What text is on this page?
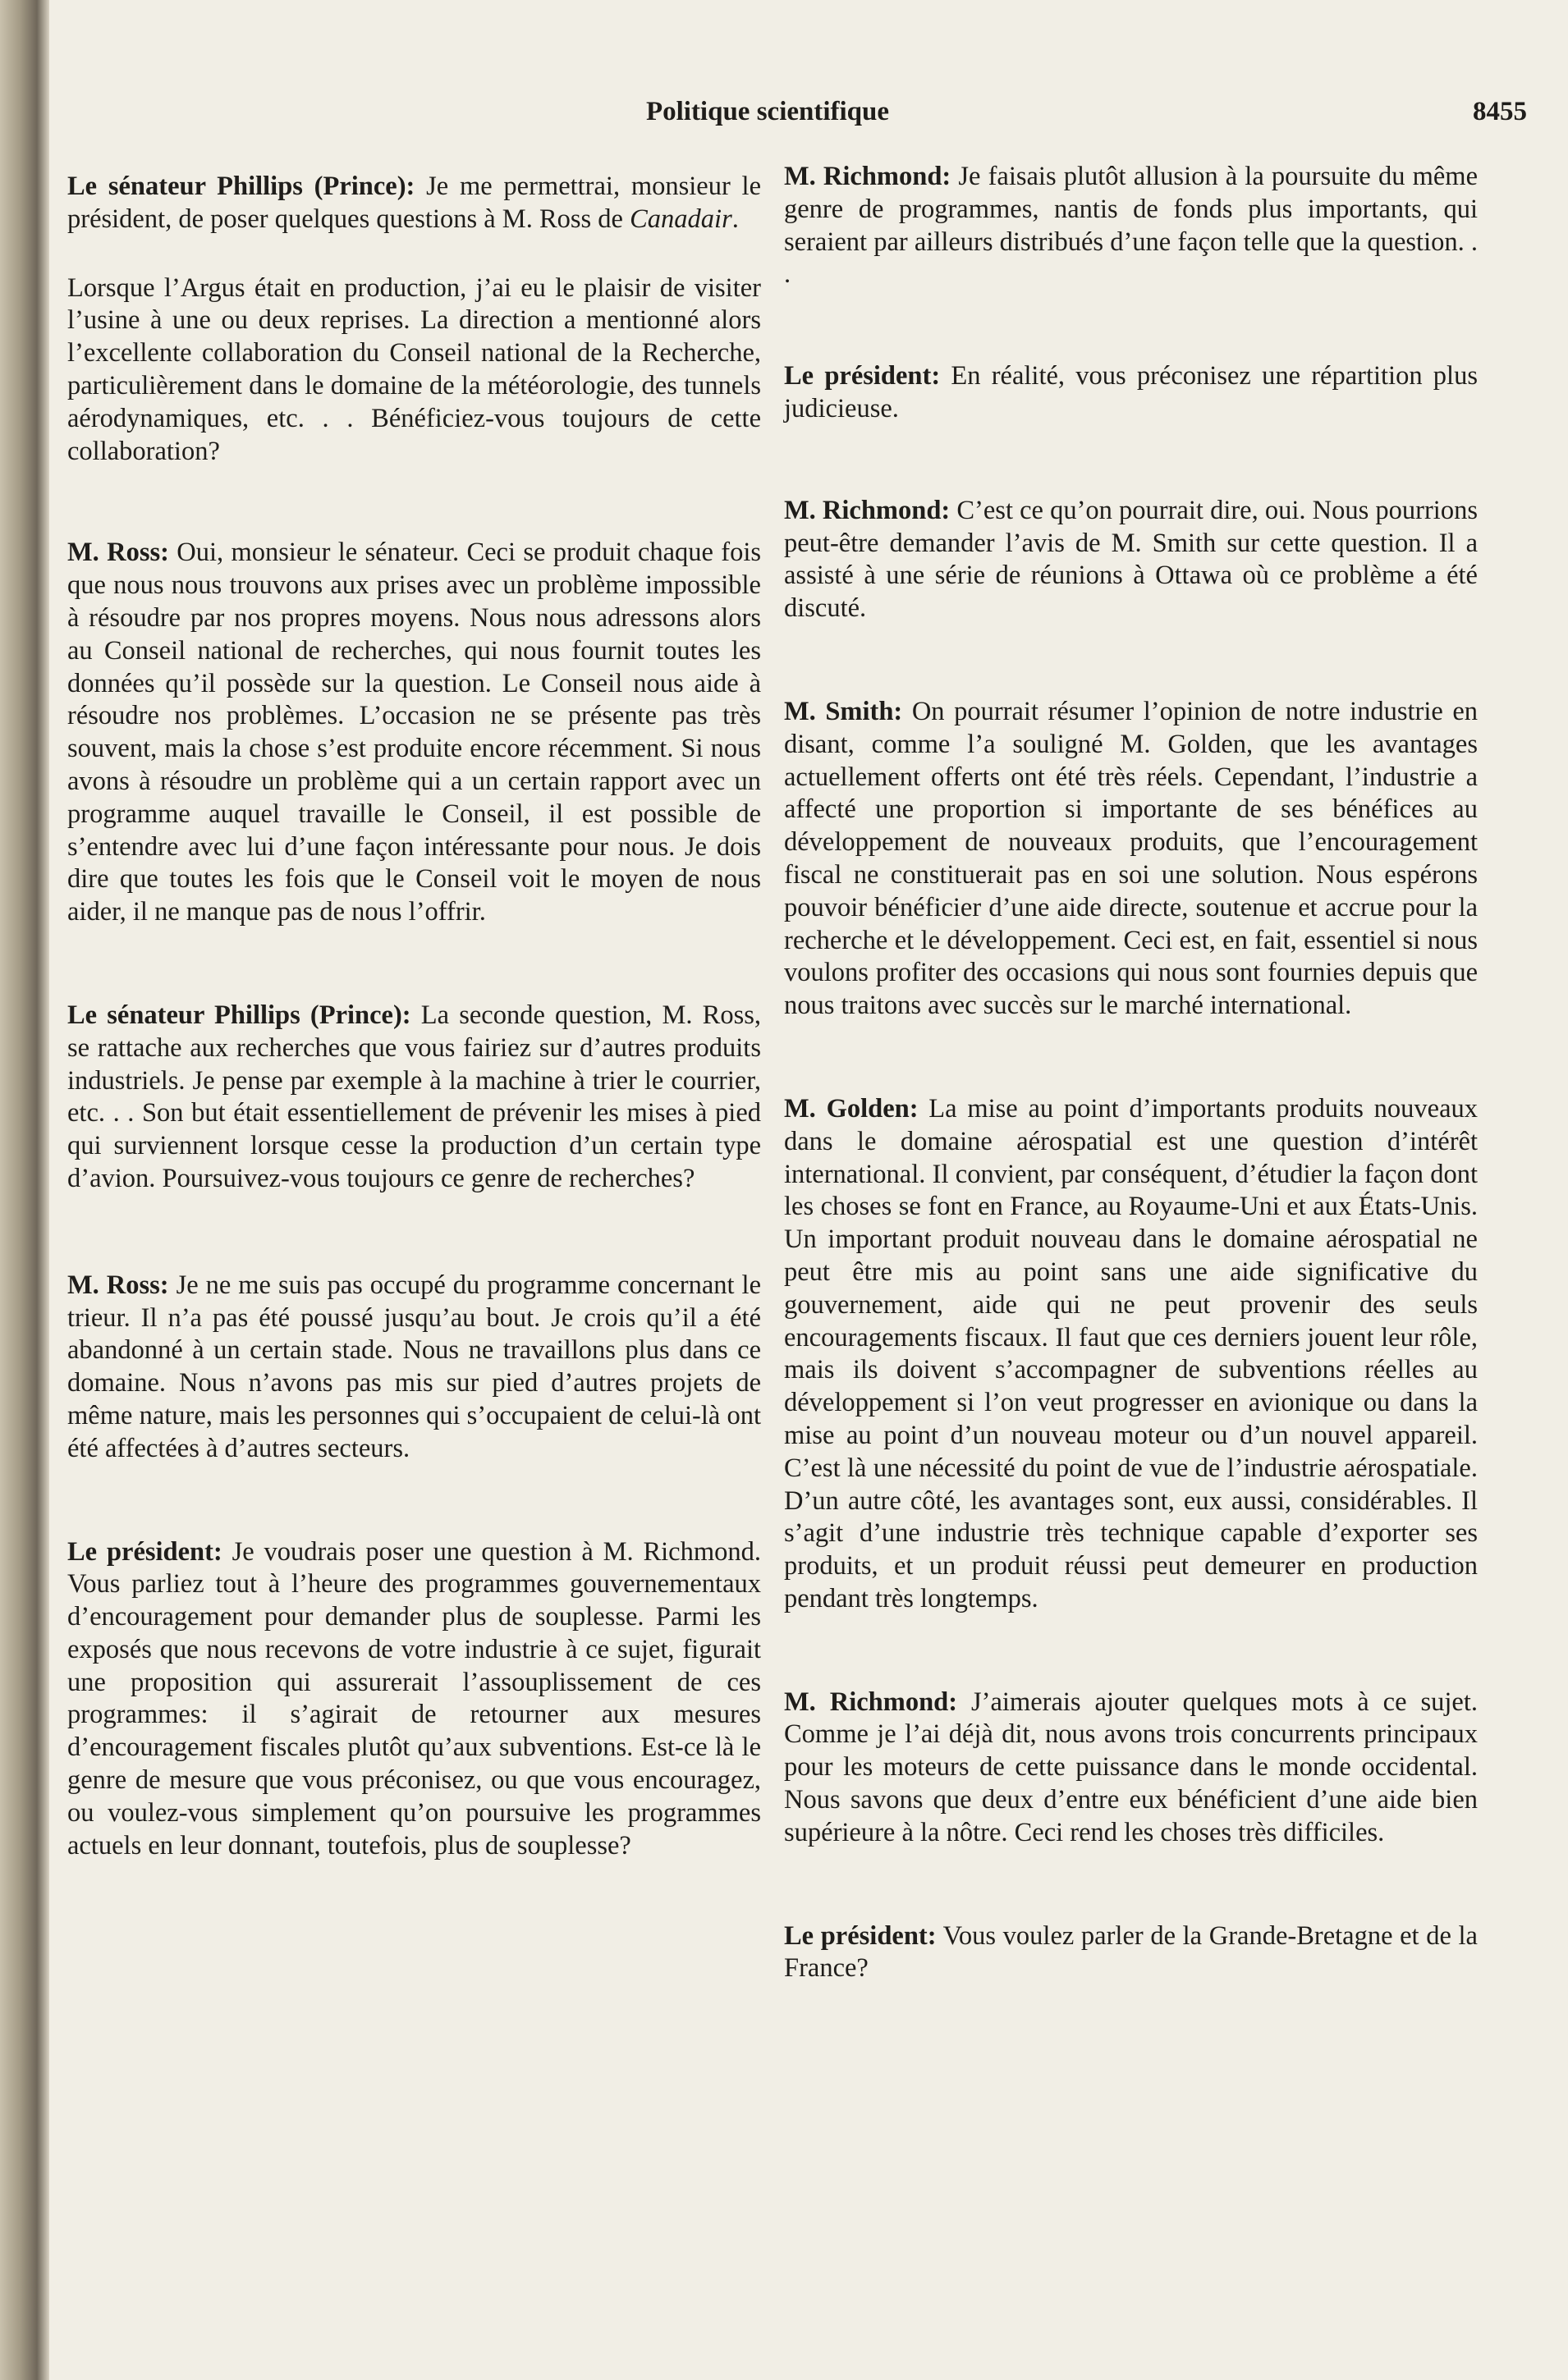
Politique scientifique	8455

Le sénateur Phillips (Prince): Je me permettrai, monsieur le président, de poser quelques questions à M. Ross de Canadair.

Lorsque l’Argus était en production, j’ai eu le plaisir de visiter l’usine à une ou deux reprises. La direction a mentionné alors l’excellente collaboration du Conseil national de la Recherche, particulièrement dans le domaine de la météorologie, des tunnels aérodynamiques, etc. . . Bénéficiez-vous toujours de cette collaboration?

M. Ross: Oui, monsieur le sénateur. Ceci se produit chaque fois que nous nous trouvons aux prises avec un problème impossible à résoudre par nos propres moyens. Nous nous adressons alors au Conseil national de recherches, qui nous fournit toutes les données qu’il possède sur la question. Le Conseil nous aide à résoudre nos problèmes. L’occasion ne se présente pas très souvent, mais la chose s’est produite encore récemment. Si nous avons à résoudre un problème qui a un certain rapport avec un programme auquel travaille le Conseil, il est possible de s’entendre avec lui d’une façon intéressante pour nous. Je dois dire que toutes les fois que le Conseil voit le moyen de nous aider, il ne manque pas de nous l’offrir.

Le sénateur Phillips (Prince): La seconde question, M. Ross, se rattache aux recherches que vous fairiez sur d’autres produits industriels. Je pense par exemple à la machine à trier le courrier, etc. . . Son but était essentiellement de prévenir les mises à pied qui surviennent lorsque cesse la production d’un certain type d’avion. Poursuivez-vous toujours ce genre de recherches?

M. Ross: Je ne me suis pas occupé du programme concernant le trieur. Il n’a pas été poussé jusqu’au bout. Je crois qu’il a été abandonné à un certain stade. Nous ne travaillons plus dans ce domaine. Nous n’avons pas mis sur pied d’autres projets de même nature, mais les personnes qui s’occupaient de celui-là ont été affectées à d’autres secteurs.

Le président: Je voudrais poser une question à M. Richmond. Vous parliez tout à l’heure des programmes gouvernementaux d’encouragement pour demander plus de souplesse. Parmi les exposés que nous recevons de votre industrie à ce sujet, figurait une proposition qui assurerait l’assouplissement de ces programmes: il s’agirait de retourner aux mesures d’encouragement fiscales plutôt qu’aux subventions. Est-ce là le genre de mesure que vous préconisez, ou que vous encouragez, ou voulez-vous simplement qu’on poursuive les programmes actuels en leur donnant, toutefois, plus de souplesse?

M. Richmond: Je faisais plutôt allusion à la poursuite du même genre de programmes, nantis de fonds plus importants, qui seraient par ailleurs distribués d’une façon telle que la question. . .

Le président: En réalité, vous préconisez une répartition plus judicieuse.

M. Richmond: C’est ce qu’on pourrait dire, oui. Nous pourrions peut-être demander l’avis de M. Smith sur cette question. Il a assisté à une série de réunions à Ottawa où ce problème a été discuté.

M. Smith: On pourrait résumer l’opinion de notre industrie en disant, comme l’a souligné M. Golden, que les avantages actuellement offerts ont été très réels. Cependant, l’industrie a affecté une proportion si importante de ses bénéfices au développement de nouveaux produits, que l’encouragement fiscal ne constituerait pas en soi une solution. Nous espérons pouvoir bénéficier d’une aide directe, soutenue et accrue pour la recherche et le développement. Ceci est, en fait, essentiel si nous voulons profiter des occasions qui nous sont fournies depuis que nous traitons avec succès sur le marché international.

M. Golden: La mise au point d’importants produits nouveaux dans le domaine aérospatial est une question d’intérêt international. Il convient, par conséquent, d’étudier la façon dont les choses se font en France, au Royaume-Uni et aux États-Unis. Un important produit nouveau dans le domaine aérospatial ne peut être mis au point sans une aide significative du gouvernement, aide qui ne peut provenir des seuls encouragements fiscaux. Il faut que ces derniers jouent leur rôle, mais ils doivent s’accompagner de subventions réelles au développement si l’on veut progresser en avionique ou dans la mise au point d’un nouveau moteur ou d’un nouvel appareil. C’est là une nécessité du point de vue de l’industrie aérospatiale. D’un autre côté, les avantages sont, eux aussi, considérables. Il s’agit d’une industrie très technique capable d’exporter ses produits, et un produit réussi peut demeurer en production pendant très longtemps.

M. Richmond: J’aimerais ajouter quelques mots à ce sujet. Comme je l’ai déjà dit, nous avons trois concurrents principaux pour les moteurs de cette puissance dans le monde occidental. Nous savons que deux d’entre eux bénéficient d’une aide bien supérieure à la nôtre. Ceci rend les choses très difficiles.

Le président: Vous voulez parler de la Grande-Bretagne et de la France?
